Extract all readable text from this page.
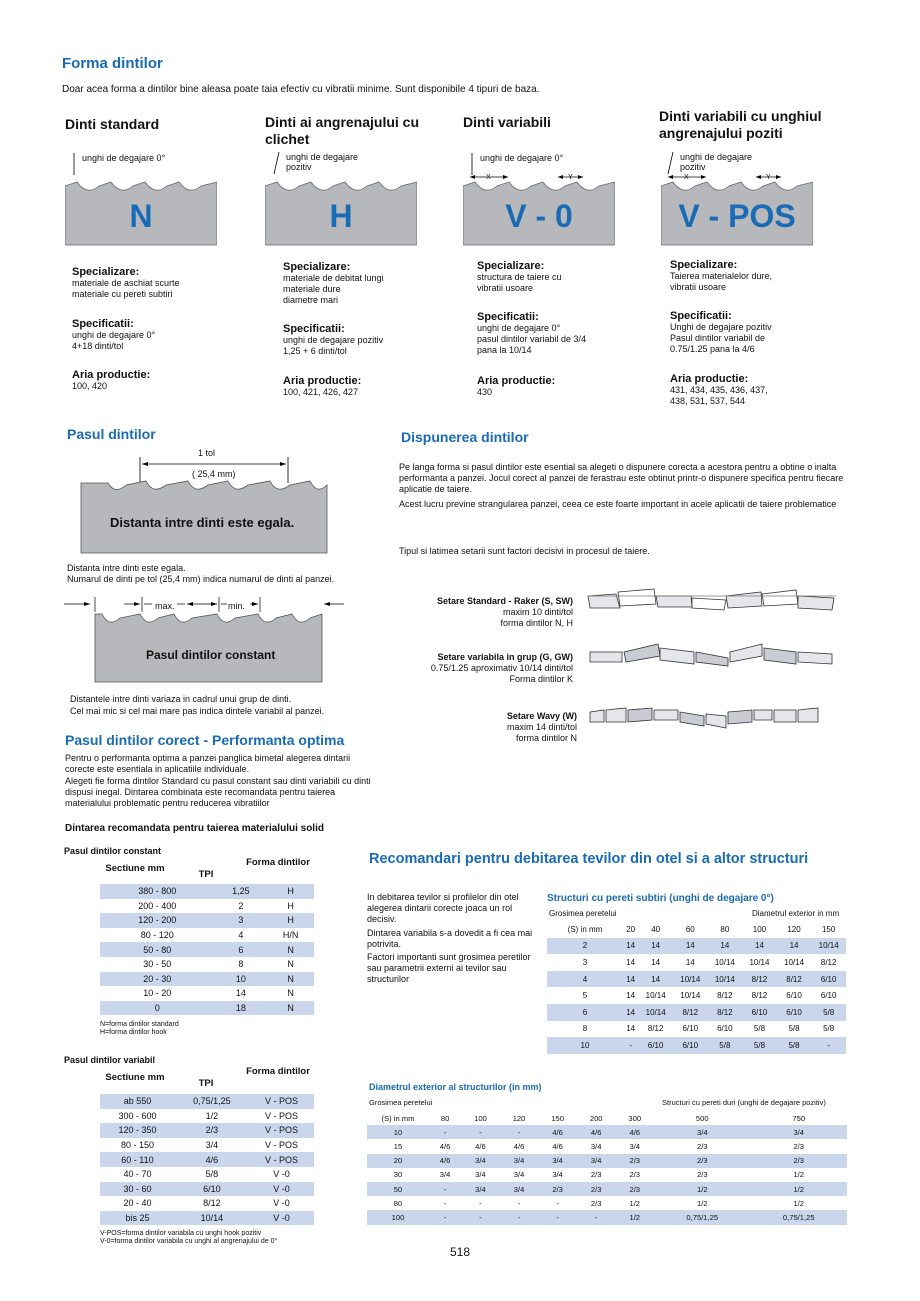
Forma dintilor
Doar acea forma a dintilor bine aleasa poate taia efectiv cu vibratii minime. Sunt disponibile 4 tipuri de baza.
Dinti standard
unghi de degajare 0°
N
Specializare:
materiale de aschiat scurte
materiale cu pereti subtiri
Specificatii:
unghi de degajare 0°
4+18 dinti/tol
Aria productie:
100, 420
Dinti ai angrenajului cu clichet
unghi de degajare pozitiv
H
Specializare:
materiale de debitat lungi
materiale dure
diametre mari
Specificatii:
unghi de degajare pozitiv
1,25 + 6 dinti/tol
Aria productie:
100, 421, 426, 427
Dinti variabili
unghi de degajare 0°
X	Y
V - 0
Specializare:
structura de taiere cu
vibratii usoare
Specificatii:
unghi de degajare 0°
pasul dintilor variabil de 3/4
pana la 10/14
Aria productie:
430
Dinti variabili cu unghiul angrenajului poziti
unghi de degajare pozitiv
X	Y
V - POS
Specializare:
Taierea materialelor dure,
vibratii usoare
Specificatii:
Unghi de degajare pozitiv
Pasul dintilor variabil de
0.75/1.25 pana la 4/6
Aria productie:
431, 434, 435, 436, 437,
438, 531, 537, 544
Pasul dintilor
1 tol
( 25,4 mm)
Distanta intre dinti este egala.
Distanta intre dinti este egala.
Numarul de dinti pe tol (25,4 mm) indica numarul de dinti al panzei.
max.	min.
Pasul dintilor constant
Distantele intre dinti variaza in cadrul unui grup de dinti.
Cel mai mic si cel mai mare pas indica dintele variabil al panzei.
Pasul dintilor corect - Performanta optima
Pentru o performanta optima a panzei panglica bimetal alegerea dintarii corecte este esentiala in aplicatiile individuale.
Alegeti fie forma dintilor Standard cu pasul constant sau dinti variabili cu dinti dispusi inegal. Dintarea combinata este recomandata pentru taierea materialului problematic pentru reducerea vibratiilor
Dintarea recomandata pentru taierea materialului solid
Pasul dintilor constant
Sectiune mm
TPI
Forma dintilor
380 - 800	1,25	H
200 - 400	2	H
120 - 200	3	H
80 - 120	4	H/N
50 - 80	6	N
30 - 50	8	N
20 - 30	10	N
10 - 20	14	N
0	18	N
N=forma dintilor standard
H=forma dintilor hook
Pasul dintilor variabil
Sectiune mm
TPI
Forma dintilor
ab 550	0,75/1,25	V - POS
300 - 600	1/2	V - POS
120 - 350	2/3	V - POS
80 - 150	3/4	V - POS
60 - 110	4/6	V - POS
40 - 70	5/8	V -0
30 - 60	6/10	V -0
20 - 40	8/12	V -0
bis 25	10/14	V -0
V-POS=forma dintilor variabila cu unghi hook pozitiv
V-0=forma dintilor variabila cu unghi al angrenajului de 0°
Dispunerea dintilor
Pe langa forma si pasul dintilor este esential sa alegeti o dispunere corecta a acestora pentru a obtine o inalta performanta a panzei. Jocul corect al panzei de ferastrau este obtinut printr-o dispunere specifica pentru fiecare aplicatie de taiere.
Acest lucru previne strangularea panzei, ceea ce este foarte important in acele aplicatii de taiere problematice
Tipul si latimea setarii sunt factori decisivi in procesul de taiere.
Setare Standard - Raker (S, SW)
maxim 10 dinti/tol
forma dintilor N, H
Setare variabila in grup (G, GW)
0.75/1.25 aproximativ 10/14 dinti/tol
Forma dintilor K
Setare Wavy (W)
maxim 14 dinti/tol
forma dintilor N
Recomandari pentru debitarea tevilor din otel si a altor structuri
In debitarea tevilor si profilelor din otel alegerea dintarii corecte joaca un rol decisiv.
Dintarea variabila s-a dovedit a fi cea mai potrivita.
Factori importanti sunt grosimea peretilor sau parametrii externi ai tevilor sau structurilor
Structuri cu pereti subtiri (unghi de degajare 0°)
Grosimea peretelui	Diametrul exterior in mm
(S) in mm	20	40	60	80	100	120	150
2	14	14	14	14	14	14	10/14
3	14	14	14	10/14	10/14	10/14	8/12
4	14	14	10/14	10/14	8/12	8/12	6/10
5	14	10/14	10/14	8/12	8/12	6/10	6/10
6	14	10/14	8/12	8/12	6/10	6/10	5/8
8	14	8/12	6/10	6/10	5/8	5/8	5/8
10	-	6/10	6/10	5/8	5/8	5/8	-
Diametrul exterior al structurilor (in mm)
Grosimea peretelui	Structuri cu pereti duri (unghi de degajare pozitiv)
(S) in mm	80	100	120	150	200	300	500	750
10	-	-	-	4/6	4/6	4/6	3/4	3/4
15	4/6	4/6	4/6	4/6	3/4	3/4	2/3	2/3
20	4/6	3/4	3/4	3/4	3/4	2/3	2/3	2/3
30	3/4	3/4	3/4	3/4	2/3	2/3	2/3	1/2
50	-	3/4	3/4	2/3	2/3	2/3	1/2	1/2
80	-	-	-	-	2/3	1/2	1/2	1/2
100	-	-	-	-	-	1/2	0,75/1,25	0,75/1,25
518
